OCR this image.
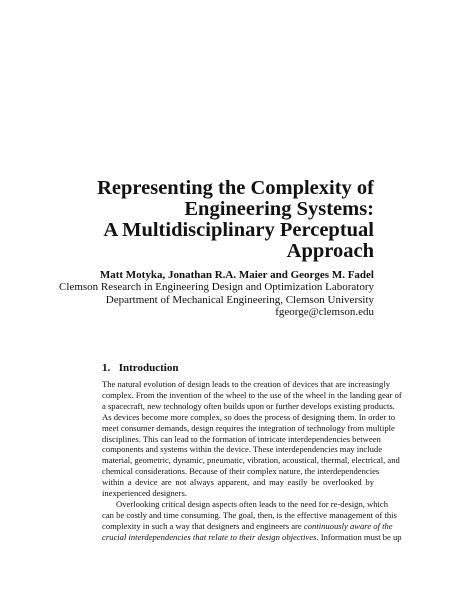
Representing the Complexity of
Engineering Systems:
A Multidisciplinary Perceptual
Approach
Matt Motyka, Jonathan R.A. Maier and Georges M. Fadel
Clemson Research in Engineering Design and Optimization Laboratory
Department of Mechanical Engineering, Clemson University
fgeorge@clemson.edu
1. Introduction
The natural evolution of design leads to the creation of devices that are increasingly
complex. From the invention of the wheel to the use of the wheel in the landing gear of
a spacecraft, new technology often builds upon or further develops existing products.
As devices become more complex, so does the process of designing them. In order to
meet consumer demands, design requires the integration of technology from multiple
disciplines. This can lead to the formation of intricate interdependencies between
components and systems within the device. These interdependencies may include
material, geometric, dynamic, pneumatic, vibration, acoustical, thermal, electrical, and
chemical considerations. Because of their complex nature, the interdependencies
within a device are not always apparent, and may easily be overlooked by
inexperienced designers.
Overlooking critical design aspects often leads to the need for re-design, which
can be costly and time consuming. The goal, then, is the effective management of this
complexity in such a way that designers and engineers are continuously aware of the
crucial interdependencies that relate to their design objectives. Information must be up
